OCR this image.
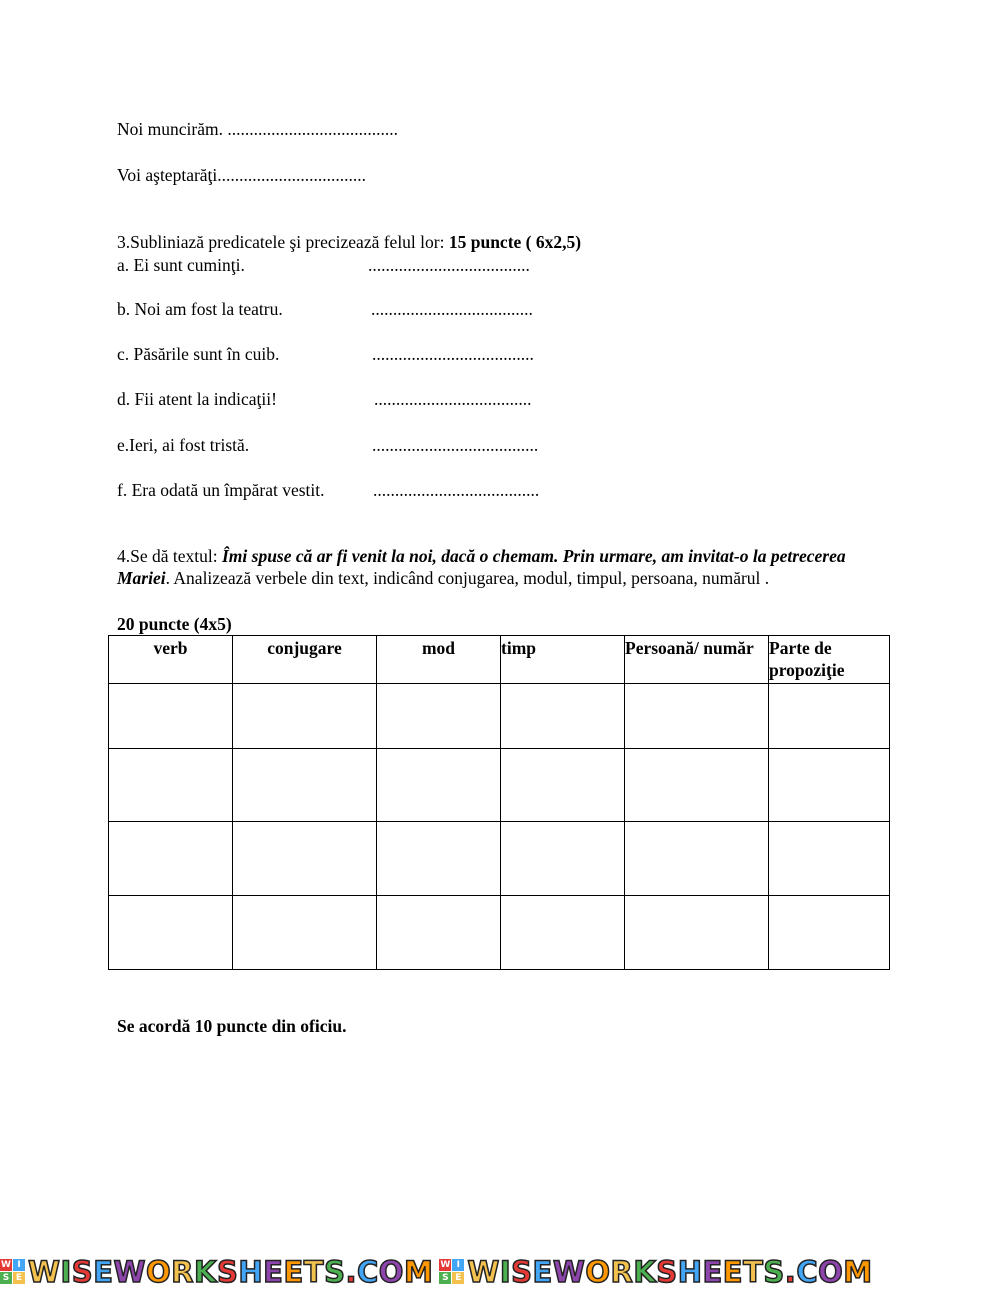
Noi muncirăm. .......................................
Voi aşteptarăţi..................................
3.Subliniază predicatele şi precizează felul lor: 15 puncte ( 6x2,5)
a. Ei sunt cuminţi.	.....................................
b. Noi am fost la teatru.	.....................................
c. Păsările sunt în cuib.	.....................................
d. Fii atent la indicaţii!	....................................
e.Ieri, ai fost tristă.	......................................
f. Era odată un împărat vestit.	......................................
4.Se dă textul: Îmi spuse că ar fi venit la noi, dacă o chemam. Prin urmare, am invitat-o la petrecerea Mariei. Analizează verbele din text, indicând conjugarea, modul, timpul, persoana, numărul .
20 puncte (4x5)
verb	conjugare	mod	timp	Persoană/ număr	Parte de propoziţie

Se acordă 10 puncte din oficiu.
W I
S E WISEWORKSHEETS.COM W I
S E WISEWORKSHEETS.COM
